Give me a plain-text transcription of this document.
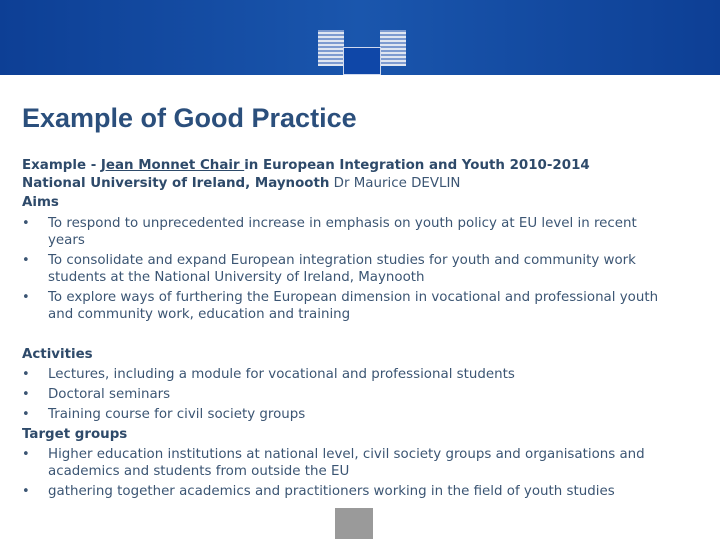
Example of Good Practice
Example - Jean Monnet Chair in European Integration and Youth 2010-2014
National University of Ireland, Maynooth Dr Maurice DEVLIN
Aims
• To respond to unprecedented increase in emphasis on youth policy at EU level in recent
years
• To consolidate and expand European integration studies for youth and community work
students at the National University of Ireland, Maynooth
• To explore ways of furthering the European dimension in vocational and professional youth
and community work, education and training
Activities
• Lectures, including a module for vocational and professional students
• Doctoral seminars
• Training course for civil society groups
Target groups
• Higher education institutions at national level, civil society groups and organisations and
academics and students from outside the EU
• gathering together academics and practitioners working in the field of youth studies
